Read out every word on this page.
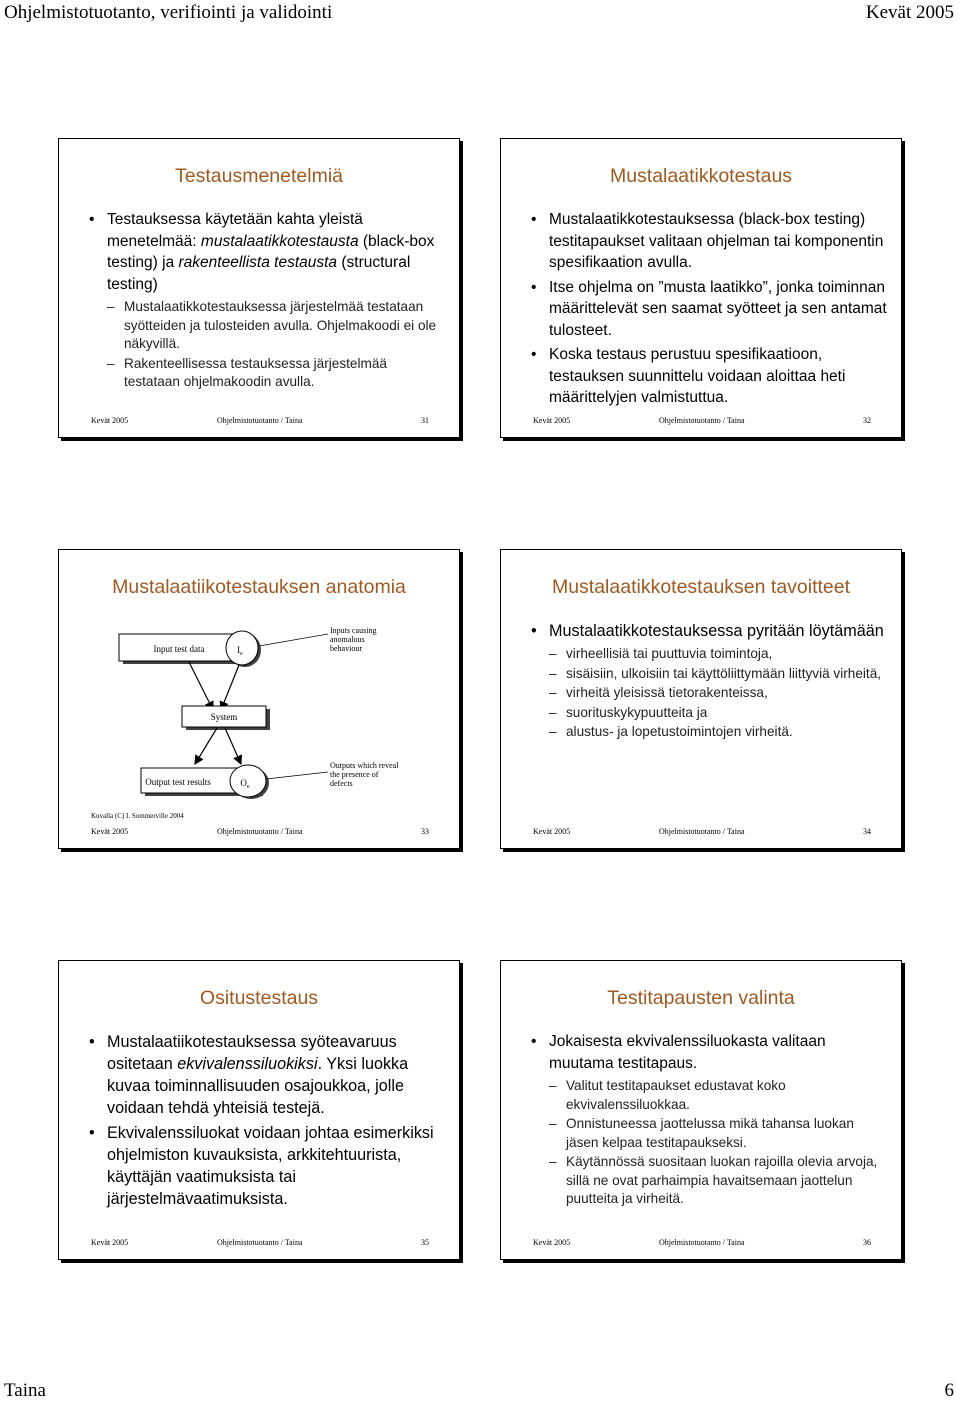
Ohjelmistotuotanto, verifiointi ja validointi	Kevät 2005
Testausmenetelmiä
• Testauksessa käytetään kahta yleistä menetelmää: mustalaatikkotestausta (black-box testing) ja rakenteellista testausta (structural testing)
– Mustalaatikkotestauksessa järjestelmää testataan syötteiden ja tulosteiden avulla. Ohjelmakoodi ei ole näkyvillä.
– Rakenteellisessa testauksessa järjestelmää testataan ohjelmakoodin avulla.
Kevät 2005	Ohjelmistotuotanto / Taina	31
Mustalaatikkotestaus
• Mustalaatikkotestauksessa (black-box testing) testitapaukset valitaan ohjelman tai komponentin spesifikaation avulla.
• Itse ohjelma on ”musta laatikko”, jonka toiminnan määrittelevät sen saamat syötteet ja sen antamat tulosteet.
• Koska testaus perustuu spesifikaatioon, testauksen suunnittelu voidaan aloittaa heti määrittelyjen valmistuttua.
Kevät 2005	Ohjelmistotuotanto / Taina	32
Mustalaatiikotestauksen anatomia
Input test data	$I_e$
Inputs causing anomalous behaviour
System
Output test results	$O_e$
Outputs which reveal the presence of defects
Kuvalla (C) I. Sommerville 2004
Kevät 2005	Ohjelmistotuotanto / Taina	33
Mustalaatikkotestauksen tavoitteet
• Mustalaatikkotestauksessa pyritään löytämään
– virheellisiä tai puuttuvia toimintoja,
– sisäisiin, ulkoisiin tai käyttöliittymään liittyviä virheitä,
– virheitä yleisissä tietorakenteissa,
– suorituskykypuutteita ja
– alustus- ja lopetustoimintojen virheitä.
Kevät 2005	Ohjelmistotuotanto / Taina	34
Ositustestaus
• Mustalaatiikotestauksessa syöteavaruus ositetaan ekvivalenssiluokiksi. Yksi luokka kuvaa toiminnallisuuden osajoukkoa, jolle voidaan tehdä yhteisiä testejä.
• Ekvivalenssiluokat voidaan johtaa esimerkiksi ohjelmiston kuvauksista, arkkitehtuurista, käyttäjän vaatimuksista tai järjestelmävaatimuksista.
Kevät 2005	Ohjelmistotuotanto / Taina	35
Testitapausten valinta
• Jokaisesta ekvivalenssiluokasta valitaan muutama testitapaus.
– Valitut testitapaukset edustavat koko ekvivalenssiluokkaa.
– Onnistuneessa jaottelussa mikä tahansa luokan jäsen kelpaa testitapaukseksi.
– Käytännössä suositaan luokan rajoilla olevia arvoja, sillä ne ovat parhaimpia havaitsemaan jaottelun puutteita ja virheitä.
Kevät 2005	Ohjelmistotuotanto / Taina	36
Taina	6
